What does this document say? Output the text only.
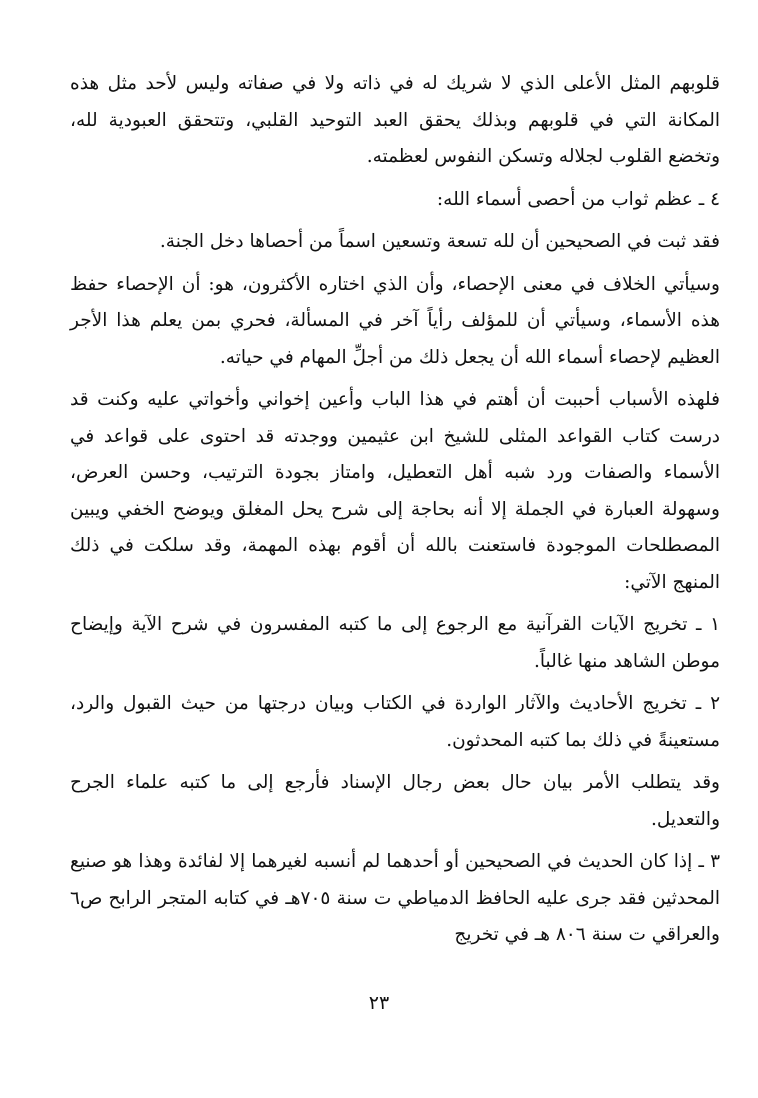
قلوبهم المثل الأعلى الذي لا شريك له في ذاته ولا في صفاته وليس لأحد مثل هذه المكانة التي في قلوبهم وبذلك يحقق العبد التوحيد القلبي، وتتحقق العبودية لله، وتخضع القلوب لجلاله وتسكن النفوس لعظمته.

٤ ـ عظم ثواب من أحصى أسماء الله:

فقد ثبت في الصحيحين أن لله تسعة وتسعين اسماً من أحصاها دخل الجنة.

وسيأتي الخلاف في معنى الإحصاء، وأن الذي اختاره الأكثرون، هو: أن الإحصاء حفظ هذه الأسماء، وسيأتي أن للمؤلف رأياً آخر في المسألة، فحري بمن يعلم هذا الأجر العظيم لإحصاء أسماء الله أن يجعل ذلك من أجلِّ المهام في حياته.

فلهذه الأسباب أحببت أن أهتم في هذا الباب وأعين إخواني وأخواتي عليه وكنت قد درست كتاب القواعد المثلى للشيخ ابن عثيمين ووجدته قد احتوى على قواعد في الأسماء والصفات ورد شبه أهل التعطيل، وامتاز بجودة الترتيب، وحسن العرض، وسهولة العبارة في الجملة إلا أنه بحاجة إلى شرح يحل المغلق ويوضح الخفي ويبين المصطلحات الموجودة فاستعنت بالله أن أقوم بهذه المهمة، وقد سلكت في ذلك المنهج الآتي:

١ ـ تخريج الآيات القرآنية مع الرجوع إلى ما كتبه المفسرون في شرح الآية وإيضاح موطن الشاهد منها غالباً.

٢ ـ تخريج الأحاديث والآثار الواردة في الكتاب وبيان درجتها من حيث القبول والرد، مستعينةً في ذلك بما كتبه المحدثون.

وقد يتطلب الأمر بيان حال بعض رجال الإسناد فأرجع إلى ما كتبه علماء الجرح والتعديل.

٣ ـ إذا كان الحديث في الصحيحين أو أحدهما لم أنسبه لغيرهما إلا لفائدة وهذا هو صنيع المحدثين فقد جرى عليه الحافظ الدمياطي ت سنة ٧٠٥هـ في كتابه المتجر الرابح ص٦ والعراقي ت سنة ٨٠٦ هـ في تخريج

٢٣
